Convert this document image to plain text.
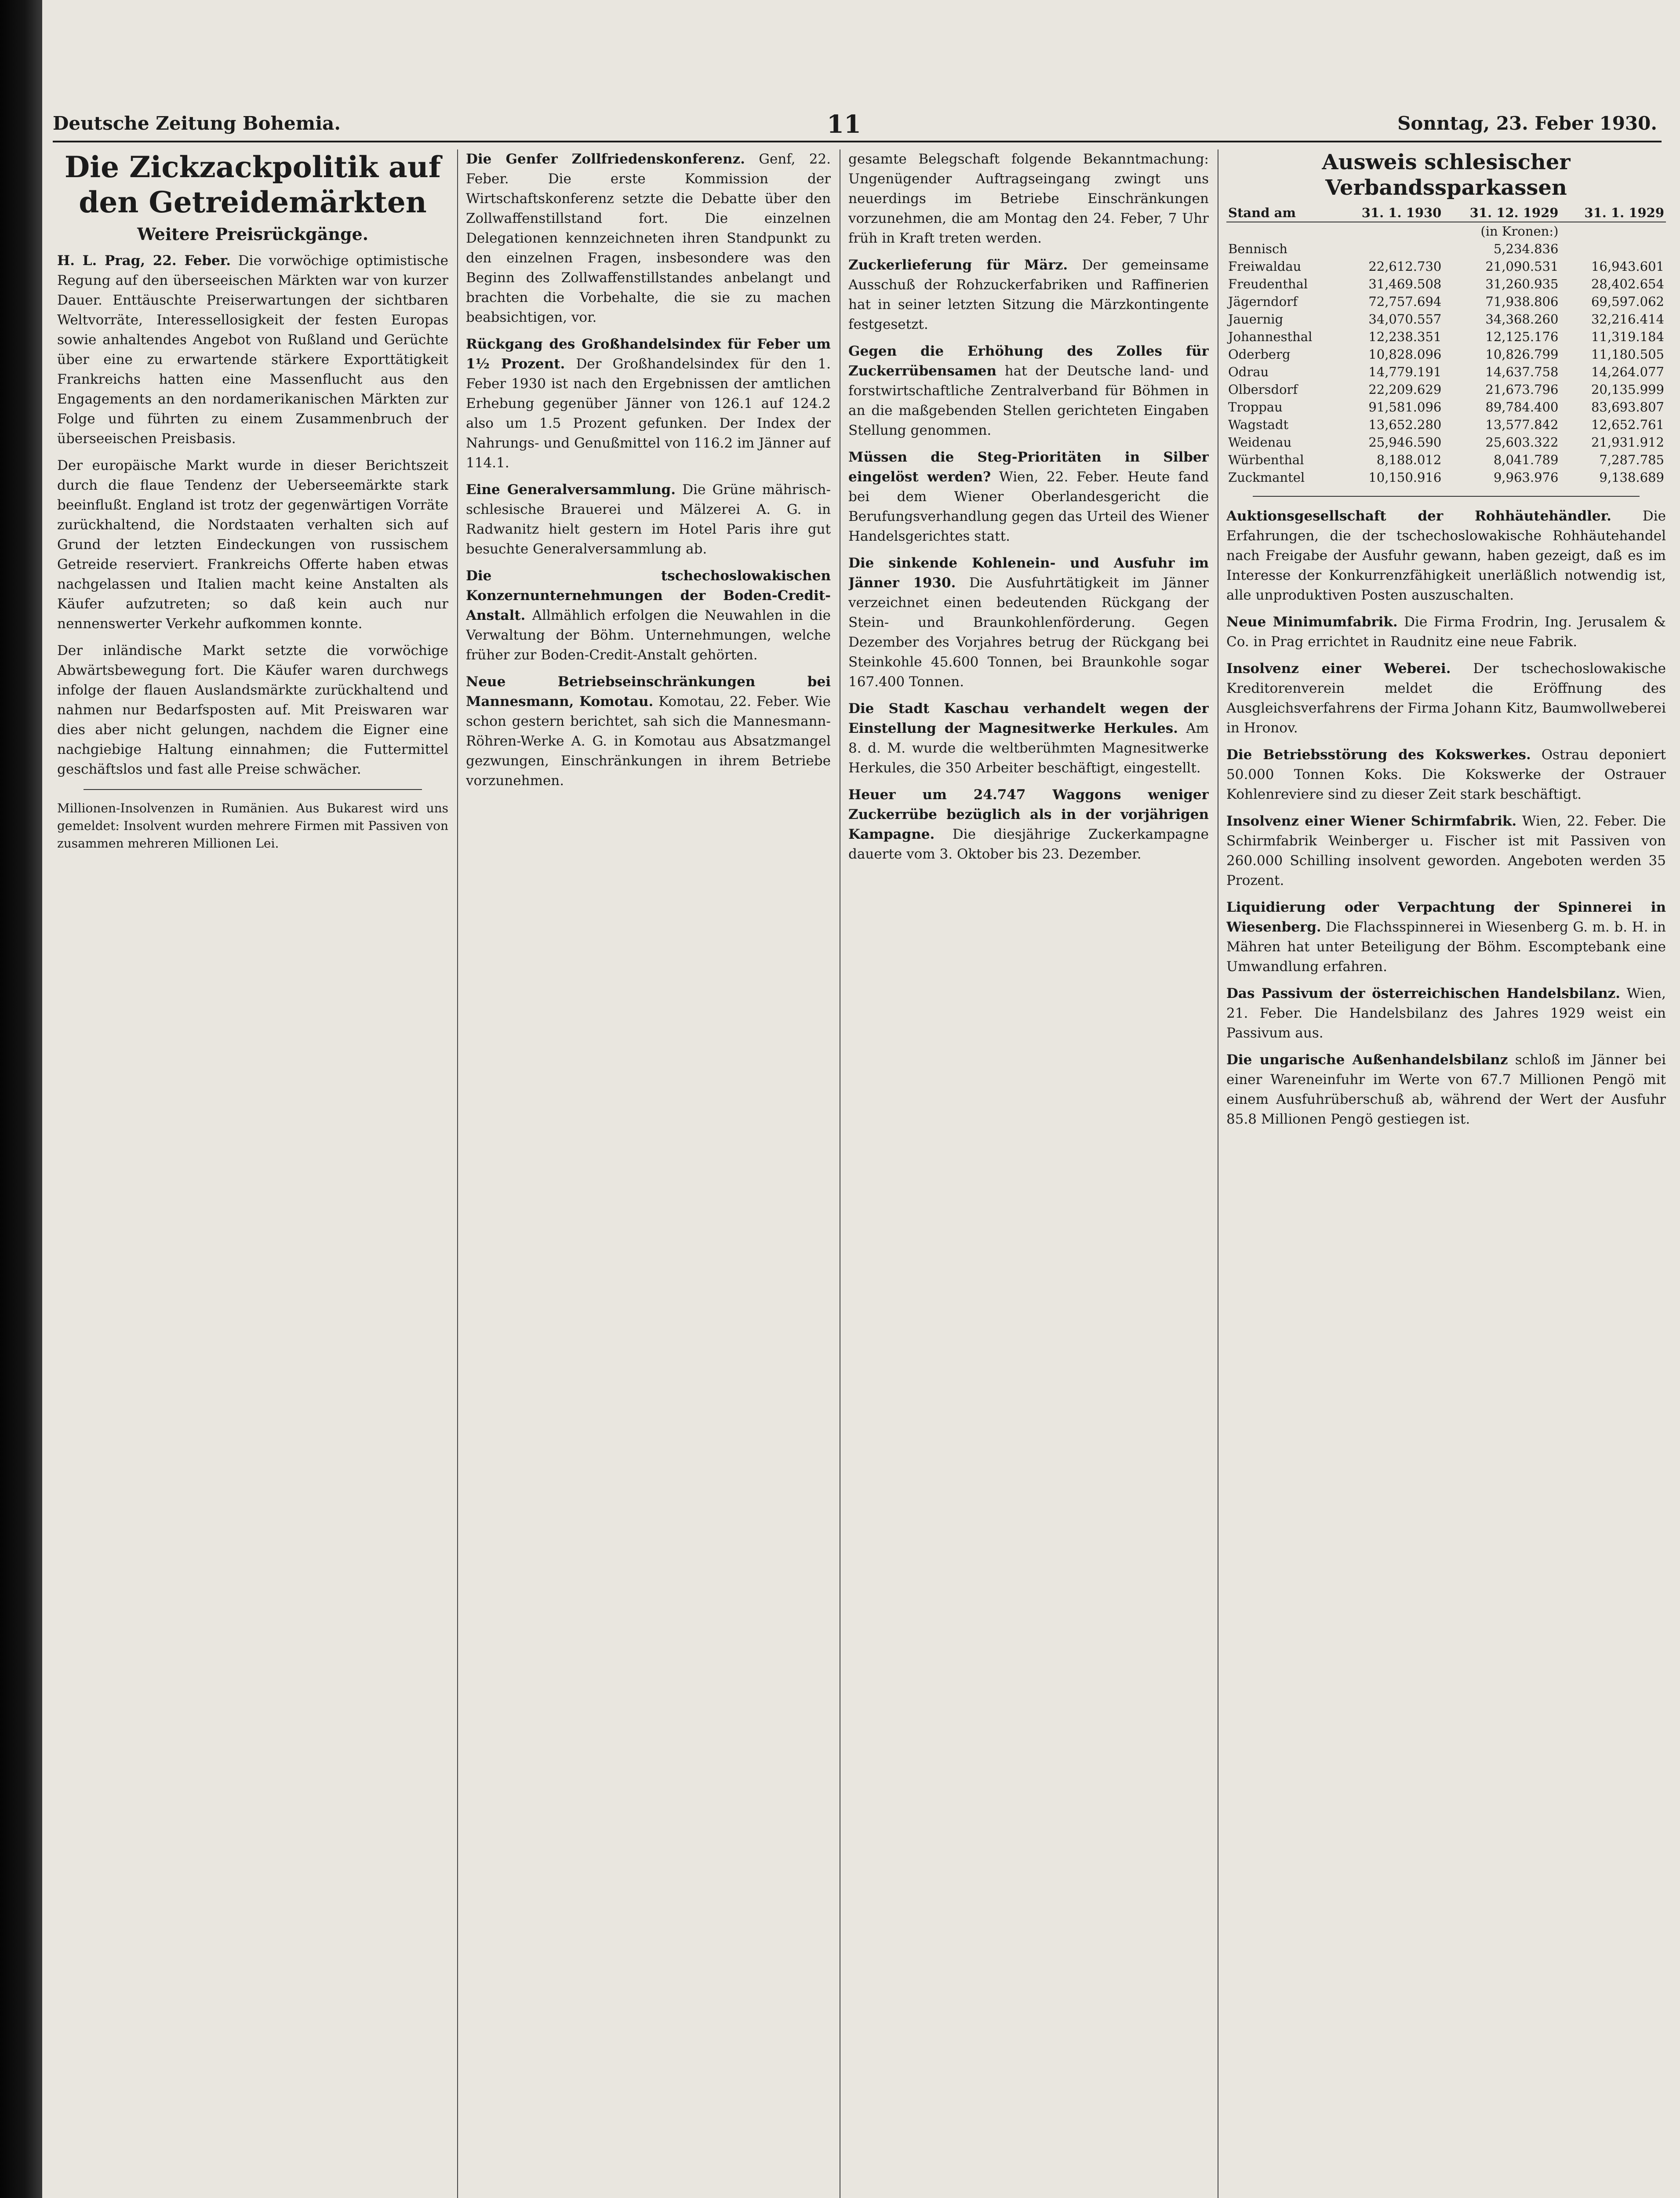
Deutsche Zeitung Bohemia.	11	Sonntag, 23. Feber 1930.
Die Zickzackpolitik auf den Getreidemärkten
Weitere Preisrückgänge.

H. L. Prag, 22. Feber. Die vorwöchige optimistische Regung auf den überseeischen Märkten war von kurzer Dauer. Enttäuschte Preiserwartungen der sichtbaren Weltvorräte, Interessellosigkeit der festen Europas sowie anhaltendes Angebot von Rußland und Gerüchte über eine zu erwartende stärkere Exporttätigkeit Frankreichs hatten eine Massenflucht aus den Engagements an den nordamerikanischen Märkten zur Folge und führten zu einem Zusammenbruch der überseeischen Preisbasis.

Der europäische Markt wurde in dieser Berichtszeit durch die flaue Tendenz der Ueberseemärkte stark beeinflußt. England ist trotz der gegenwärtigen Vorräte zurückhaltend, die Nordstaaten verhalten sich auf Grund der letzten Eindeckungen von russischem Getreide reserviert. Frankreichs Offerte haben etwas nachgelassen und Italien macht keine Anstalten als Käufer aufzutreten; so daß kein auch nur nennenswerter Verkehr aufkommen konnte.

Der inländische Markt setzte die vorwöchige Abwärtsbewegung fort. Die Käufer waren durchwegs infolge der flauen Auslandsmärkte zurückhaltend und nahmen nur Bedarfsposten auf. Mit Preiswaren war dies aber nicht gelungen, nachdem die Eigner eine nachgiebige Haltung einnahmen; die Futtermittel geschäftslos und fast alle Preise schwächer.

Millionen-Insolvenzen in Rumänien. Aus Bukarest wird uns gemeldet: Insolvent wurden mehrere Firmen mit Passiven von zusammen mehreren Millionen Lei.

Die Genfer Zollfriedenskonferenz. Genf, 22. Feber. Die erste Kommission der Wirtschaftskonferenz setzte die Debatte über den Zollwaffenstillstand fort. Die einzelnen Delegationen kennzeichneten ihren Standpunkt zu den einzelnen Fragen, insbesondere was den Beginn des Zollwaffenstillstandes anbelangt und brachten die Vorbehalte, die sie zu machen beabsichtigen, vor.

Rückgang des Großhandelsindex für Feber um 1½ Prozent. Der Großhandelsindex für den 1. Feber 1930 ist nach den Ergebnissen der amtlichen Erhebung gegenüber Jänner von 126.1 auf 124.2 also um 1.5 Prozent gefunken. Der Index der Nahrungs- und Genußmittel von 116.2 im Jänner auf 114.1.

Eine Generalversammlung. Die Grüne mährisch-schlesische Brauerei und Mälzerei A. G. in Radwanitz hielt gestern im Hotel Paris ihre gut besuchte Generalversammlung ab.

Die tschechoslowakischen Konzernunternehmungen der Boden-Credit-Anstalt. Allmählich erfolgen die Neuwahlen in die Verwaltung der Böhm. Unternehmungen, welche früher zur Boden-Credit-Anstalt gehörten.

Neue Betriebseinschränkungen bei Mannesmann, Komotau. Komotau, 22. Feber. Wie schon gestern berichtet, sah sich die Mannesmann-Röhren-Werke A. G. in Komotau aus Absatzmangel gezwungen, Einschränkungen in ihrem Betriebe vorzunehmen.

gesamte Belegschaft folgende Bekanntmachung: Ungenügender Auftragseingang zwingt uns neuerdings im Betriebe Einschränkungen vorzunehmen, die am Montag den 24. Feber, 7 Uhr früh in Kraft treten werden.

Zuckerlieferung für März. Der gemeinsame Ausschuß der Rohzuckerfabriken und Raffinerien hat in seiner letzten Sitzung die Märzkontingente festgesetzt.

Gegen die Erhöhung des Zolles für Zuckerrübensamen hat der Deutsche land- und forstwirtschaftliche Zentralverband für Böhmen in an die maßgebenden Stellen gerichteten Eingaben Stellung genommen.

Müssen die Steg-Prioritäten in Silber eingelöst werden? Wien, 22. Feber. Heute fand bei dem Wiener Oberlandesgericht die Berufungsverhandlung gegen das Urteil des Wiener Handelsgerichtes statt.

Die sinkende Kohlenein- und Ausfuhr im Jänner 1930. Die Ausfuhrtätigkeit im Jänner verzeichnet einen bedeutenden Rückgang der Stein- und Braunkohlenförderung. Gegen Dezember des Vorjahres betrug der Rückgang bei Steinkohle 45.600 Tonnen, bei Braunkohle sogar 167.400 Tonnen.

Die Stadt Kaschau verhandelt wegen der Einstellung der Magnesitwerke Herkules. Am 8. d. M. wurde die weltberühmten Magnesitwerke Herkules, die 350 Arbeiter beschäftigt, eingestellt.

Heuer um 24.747 Waggons weniger Zuckerrübe bezüglich als in der vorjährigen Kampagne. Die diesjährige Zuckerkampagne dauerte vom 3. Oktober bis 23. Dezember.

Ausweis schlesischer Verbandssparkassen
Stand am	31. 1. 1930	31. 12. 1929	31. 1. 1929
		(in Kronen:)	
Bennisch		5,234.836	
Freiwaldau	22,612.730	21,090.531	16,943.601
Freudenthal	31,469.508	31,260.935	28,402.654
Jägerndorf	72,757.694	71,938.806	69,597.062
Jauernig	34,070.557	34,368.260	32,216.414
Johannesthal	12,238.351	12,125.176	11,319.184
Oderberg	10,828.096	10,826.799	11,180.505
Odrau	14,779.191	14,637.758	14,264.077
Olbersdorf	22,209.629	21,673.796	20,135.999
Troppau	91,581.096	89,784.400	83,693.807
Wagstadt	13,652.280	13,577.842	12,652.761
Weidenau	25,946.590	25,603.322	21,931.912
Würbenthal	8,188.012	8,041.789	7,287.785
Zuckmantel	10,150.916	9,963.976	9,138.689

Auktionsgesellschaft der Rohhäutehändler. Die Erfahrungen, die der tschechoslowakische Rohhäutehandel nach Freigabe der Ausfuhr gewann, haben gezeigt, daß es im Interesse der Konkurrenzfähigkeit unerläßlich notwendig ist, alle unproduktiven Posten auszuschalten.

Neue Minimumfabrik. Die Firma Frodrin, Ing. Jerusalem & Co. in Prag errichtet in Raudnitz eine neue Fabrik.

Insolvenz einer Weberei. Der tschechoslowakische Kreditorenverein meldet die Eröffnung des Ausgleichsverfahrens der Firma Johann Kitz, Baumwollweberei in Hronov.

Die Betriebsstörung des Kokswerkes. Ostrau deponiert 50.000 Tonnen Koks. Die Kokswerke der Ostrauer Kohlenreviere sind zu dieser Zeit stark beschäftigt.

Insolvenz einer Wiener Schirmfabrik. Wien, 22. Feber. Die Schirmfabrik Weinberger u. Fischer ist mit Passiven von 260.000 Schilling insolvent geworden. Angeboten werden 35 Prozent.

Liquidierung oder Verpachtung der Spinnerei in Wiesenberg. Die Flachsspinnerei in Wiesenberg G. m. b. H. in Mähren hat unter Beteiligung der Böhm. Escomptebank eine Umwandlung erfahren.

Das Passivum der österreichischen Handelsbilanz. Wien, 21. Feber. Die Handelsbilanz des Jahres 1929 weist ein Passivum aus.

Die ungarische Außenhandelsbilanz schloß im Jänner bei einer Wareneinfuhr im Werte von 67.7 Millionen Pengö mit einem Ausfuhrüberschuß ab, während der Wert der Ausfuhr 85.8 Millionen Pengö gestiegen ist.
